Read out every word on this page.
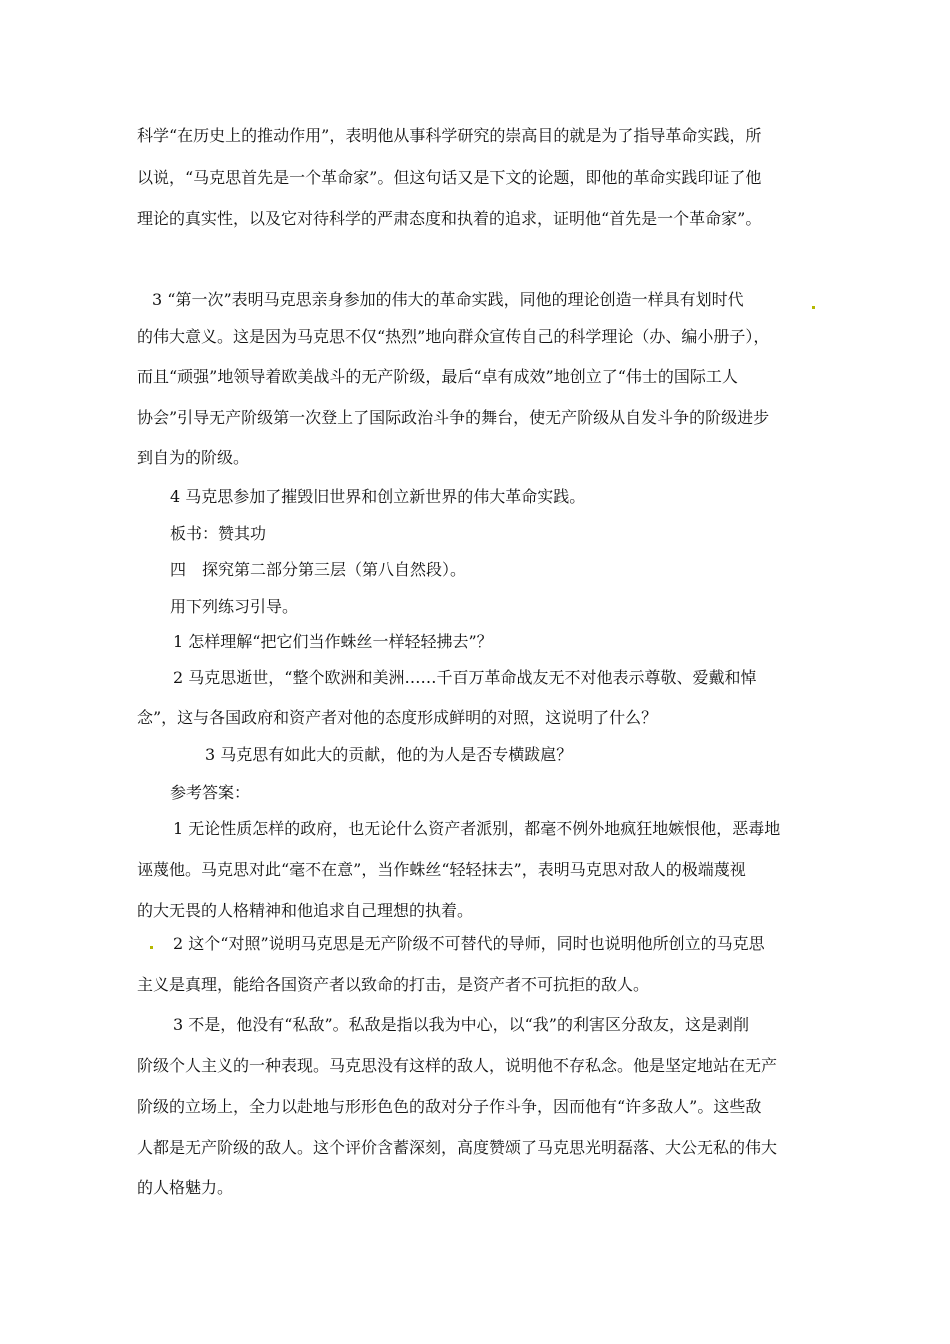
科学“在历史上的推动作用”，表明他从事科学研究的崇高目的就是为了指导革命实践，所

以说，“马克思首先是一个革命家”。但这句话又是下文的论题，即他的革命实践印证了他

理论的真实性，以及它对待科学的严肃态度和执着的追求，证明他“首先是一个革命家”。

3 “第一次”表明马克思亲身参加的伟大的革命实践，同他的理论创造一样具有划时代

的伟大意义。这是因为马克思不仅“热烈”地向群众宣传自己的科学理论（办、编小册子），

而且“顽强”地领导着欧美战斗的无产阶级，最后“卓有成效”地创立了“伟士的国际工人

协会”引导无产阶级第一次登上了国际政治斗争的舞台，使无产阶级从自发斗争的阶级进步

到自为的阶级。

4 马克思参加了摧毁旧世界和创立新世界的伟大革命实践。

板书：赞其功

四　探究第二部分第三层（第八自然段）。

用下列练习引导。

1 怎样理解“把它们当作蛛丝一样轻轻拂去”？

2 马克思逝世，“整个欧洲和美洲……千百万革命战友无不对他表示尊敬、爱戴和悼

念”，这与各国政府和资产者对他的态度形成鲜明的对照，这说明了什么？

3 马克思有如此大的贡献，他的为人是否专横跋扈？

参考答案：

1 无论性质怎样的政府，也无论什么资产者派别，都毫不例外地疯狂地嫉恨他，恶毒地

诬蔑他。马克思对此“毫不在意”，当作蛛丝“轻轻抹去”，表明马克思对敌人的极端蔑视

的大无畏的人格精神和他追求自己理想的执着。

2 这个“对照”说明马克思是无产阶级不可替代的导师，同时也说明他所创立的马克思

主义是真理，能给各国资产者以致命的打击，是资产者不可抗拒的敌人。

3 不是，他没有“私敌”。私敌是指以我为中心，以“我”的利害区分敌友，这是剥削

阶级个人主义的一种表现。马克思没有这样的敌人，说明他不存私念。他是坚定地站在无产

阶级的立场上，全力以赴地与形形色色的敌对分子作斗争，因而他有“许多敌人”。这些敌

人都是无产阶级的敌人。这个评价含蓄深刻，高度赞颂了马克思光明磊落、大公无私的伟大

的人格魅力。
